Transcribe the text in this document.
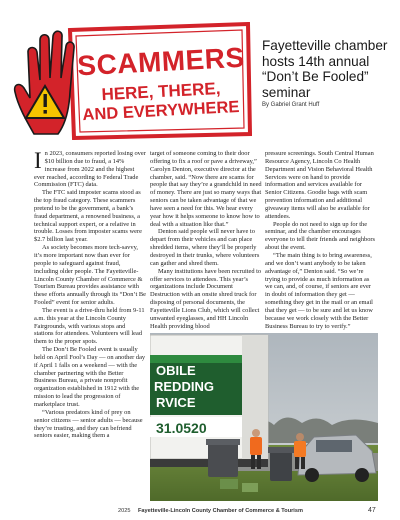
SCAMMERS
HERE, THERE,
AND EVERYWHERE
Fayetteville chamber hosts 14th annual “Don’t Be Fooled” seminar
By Gabriel Grant Huff

In 2023, consumers reported losing over $10 billion due to fraud, a 14% increase from 2022 and the highest ever reached, according to Federal Trade Commission (FTC) data.

The FTC said imposter scams stood as the top fraud category. These scammers pretend to be the government, a bank’s fraud department, a renowned business, a technical support expert, or a relative in trouble. Losses from imposter scams were $2.7 billion last year.

As society becomes more tech-savvy, it’s more important now than ever for people to safeguard against fraud, including older people. The Fayetteville-Lincoln County Chamber of Commerce & Tourism Bureau provides assistance with these efforts annually through its “Don’t Be Fooled” event for senior adults.

The event is a drive-thru held from 9-11 a.m. this year at the Lincoln County Fairgrounds, with various stops and stations for attendees. Volunteers will lead them to the proper spots.

The Don’t Be Fooled event is usually held on April Fool’s Day — on another day if April 1 falls on a weekend — with the chamber partnering with the Better Business Bureau, a private nonprofit organization established in 1912 with the mission to lead the progression of marketplace trust.

“Various predators kind of prey on senior citizens — senior adults — because they’re trusting, and they can befriend seniors easier, making them a

target of someone coming to their door offering to fix a roof or pave a driveway,” Carolyn Denton, executive director at the chamber, said. “Now there are scams for people that say they’re a grandchild in need of money. There are just so many ways that seniors can be taken advantage of that we have seen a need for this. We hear every year how it helps someone to know how to deal with a situation like that.”

Denton said people will never have to depart from their vehicles and can place shredded items, where they’ll be properly destroyed in their trunks, where volunteers can gather and shred them.

Many institutions have been recruited to offer services to attendees. This year’s organizations include Document Destruction with an onsite shred truck for disposing of personal documents, the Fayetteville Lions Club, which will collect unwanted eyeglasses, and HH Lincoln Health providing blood

pressure screenings. South Central Human Resource Agency, Lincoln Co Health Department and Vision Behavioral Health Services were on hand to provide information and services available for Senior Citizens. Goodie bags with scam prevention information and additional giveaway items will also be available for attendees.

People do not need to sign up for the seminar, and the chamber encourages everyone to tell their friends and neighbors about the event.

“The main thing is to bring awareness, and we don’t want anybody to be taken advantage of,” Denton said. “So we’re trying to provide as much information as we can, and, of course, if seniors are ever in doubt of information they get — something they get in the mail or an email that they get — to be sure and let us know because we work closely with the Better Business Bureau to try to verify.”

OBILE
REDDING
RVICE
31.0520
2025 Fayetteville-Lincoln County Chamber of Commerce & Tourism	47
